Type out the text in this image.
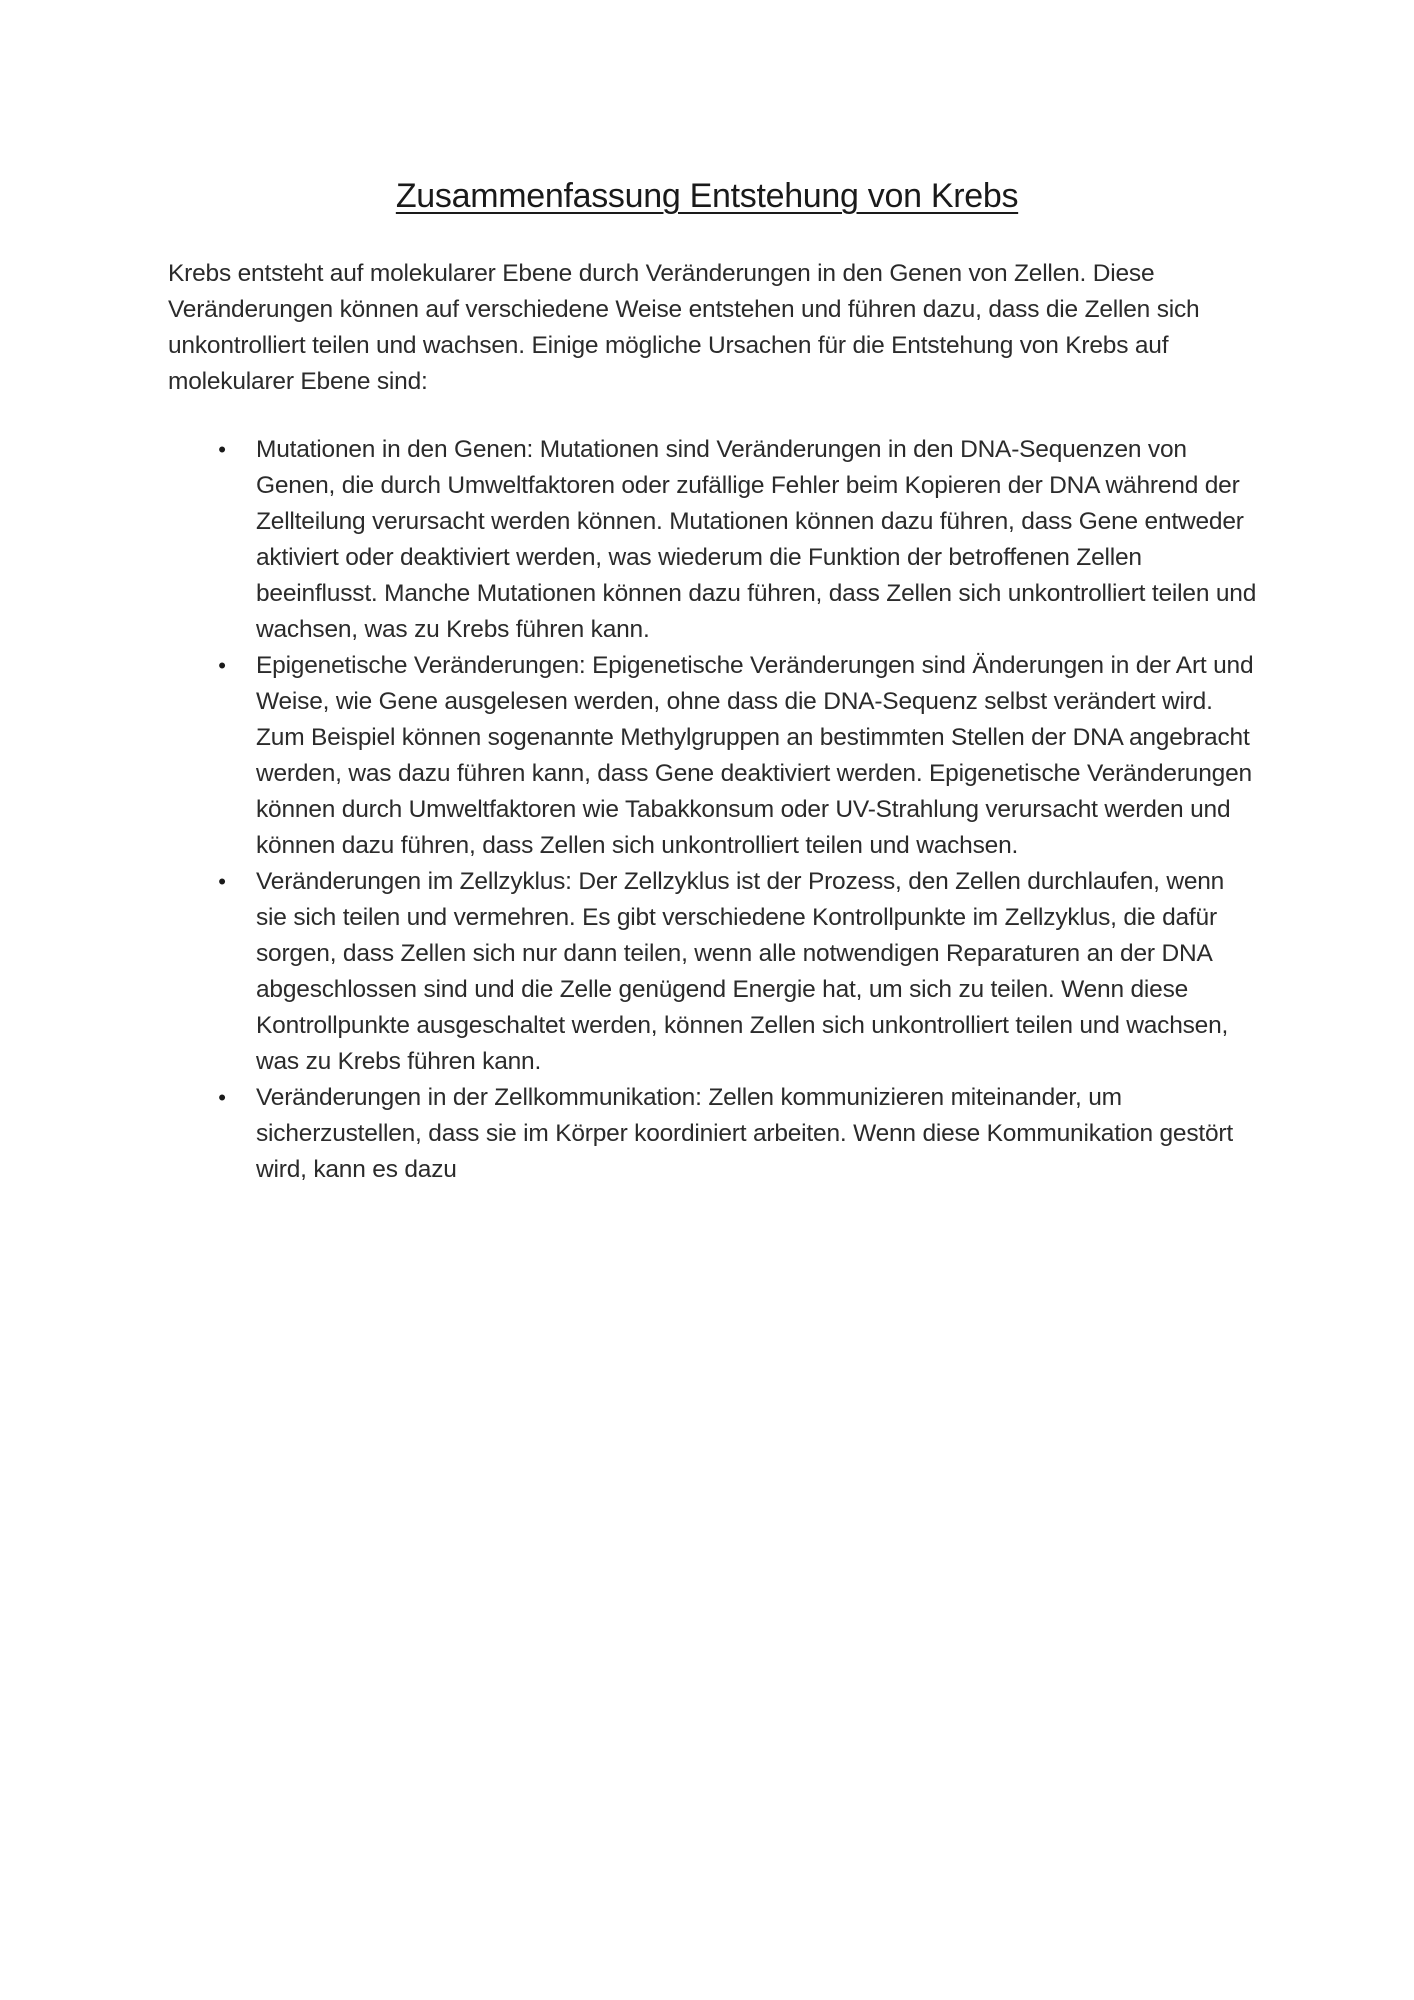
Zusammenfassung Entstehung von Krebs

Krebs entsteht auf molekularer Ebene durch Veränderungen in den Genen von Zellen. Diese Veränderungen können auf verschiedene Weise entstehen und führen dazu, dass die Zellen sich unkontrolliert teilen und wachsen. Einige mögliche Ursachen für die Entstehung von Krebs auf molekularer Ebene sind:

• Mutationen in den Genen: Mutationen sind Veränderungen in den DNA-Sequenzen von Genen, die durch Umweltfaktoren oder zufällige Fehler beim Kopieren der DNA während der Zellteilung verursacht werden können. Mutationen können dazu führen, dass Gene entweder aktiviert oder deaktiviert werden, was wiederum die Funktion der betroffenen Zellen beeinflusst. Manche Mutationen können dazu führen, dass Zellen sich unkontrolliert teilen und wachsen, was zu Krebs führen kann.
• Epigenetische Veränderungen: Epigenetische Veränderungen sind Änderungen in der Art und Weise, wie Gene ausgelesen werden, ohne dass die DNA-Sequenz selbst verändert wird. Zum Beispiel können sogenannte Methylgruppen an bestimmten Stellen der DNA angebracht werden, was dazu führen kann, dass Gene deaktiviert werden. Epigenetische Veränderungen können durch Umweltfaktoren wie Tabakkonsum oder UV-Strahlung verursacht werden und können dazu führen, dass Zellen sich unkontrolliert teilen und wachsen.
• Veränderungen im Zellzyklus: Der Zellzyklus ist der Prozess, den Zellen durchlaufen, wenn sie sich teilen und vermehren. Es gibt verschiedene Kontrollpunkte im Zellzyklus, die dafür sorgen, dass Zellen sich nur dann teilen, wenn alle notwendigen Reparaturen an der DNA abgeschlossen sind und die Zelle genügend Energie hat, um sich zu teilen. Wenn diese Kontrollpunkte ausgeschaltet werden, können Zellen sich unkontrolliert teilen und wachsen, was zu Krebs führen kann.
• Veränderungen in der Zellkommunikation: Zellen kommunizieren miteinander, um sicherzustellen, dass sie im Körper koordiniert arbeiten. Wenn diese Kommunikation gestört wird, kann es dazu
